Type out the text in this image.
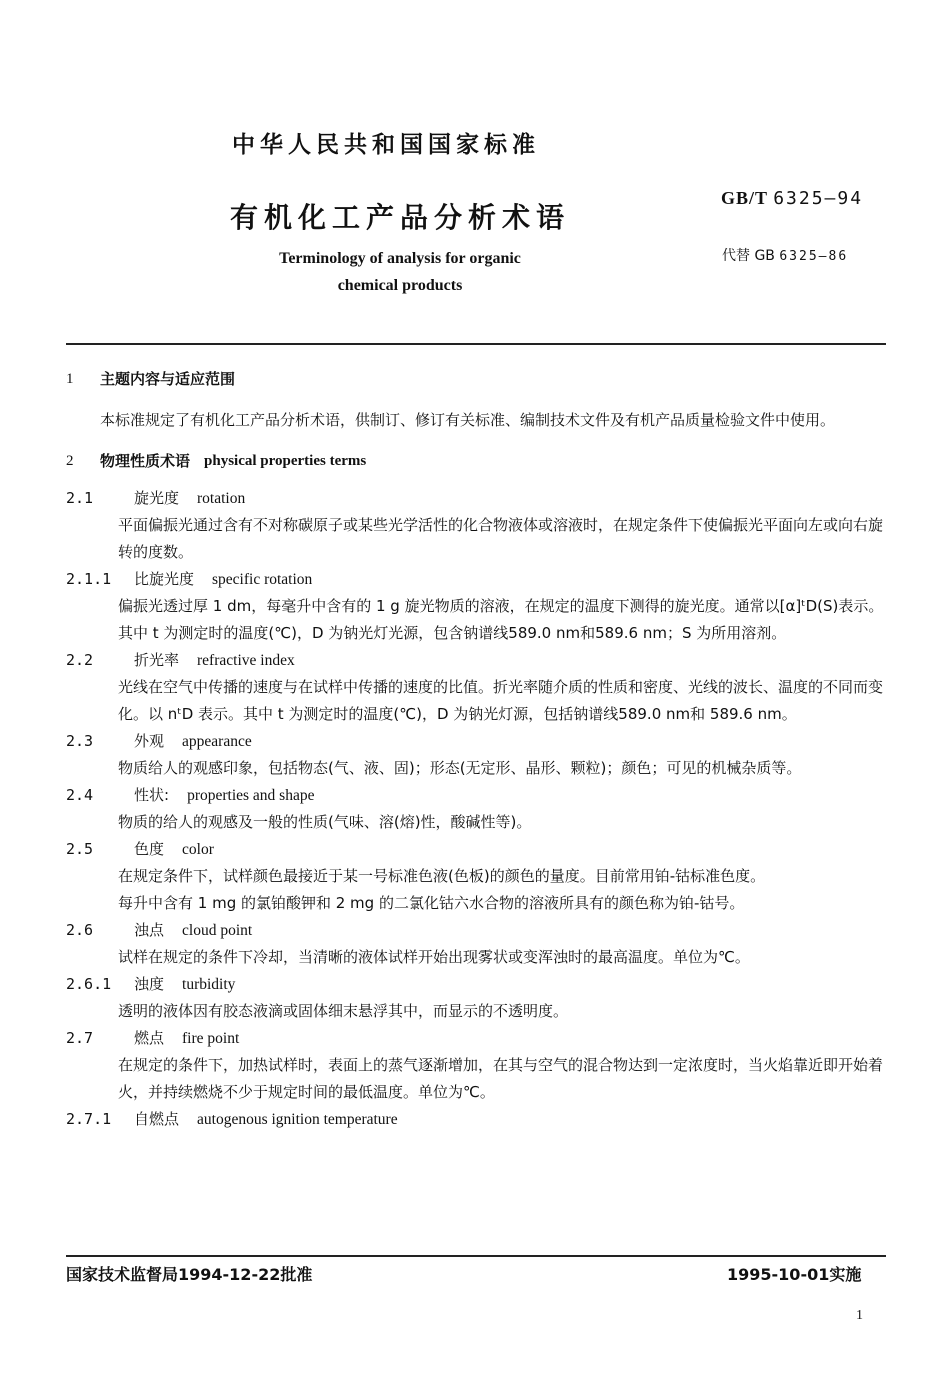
中华人民共和国国家标准
有机化工产品分析术语
Terminology of analysis for organic
chemical products
GB/T 6325—94
代替 GB 6325—86
1	主题内容与适应范围
本标准规定了有机化工产品分析术语，供制订、修订有关标准、编制技术文件及有机产品质量检验文件中使用。
2	物理性质术语 physical properties terms
2.1	旋光度 rotation
平面偏振光通过含有不对称碳原子或某些光学活性的化合物液体或溶液时，在规定条件下使偏振光平面向左或向右旋转的度数。
2.1.1	比旋光度 specific rotation
偏振光透过厚 1 dm，每毫升中含有的 1 g 旋光物质的溶液，在规定的温度下测得的旋光度。通常以[α]ᵗD(S)表示。其中 t 为测定时的温度(℃)，D 为钠光灯光源，包含钠谱线589.0 nm和589.6 nm；S 为所用溶剂。
2.2	折光率 refractive index
光线在空气中传播的速度与在试样中传播的速度的比值。折光率随介质的性质和密度、光线的波长、温度的不同而变化。以 nᵗD 表示。其中 t 为测定时的温度(℃)，D 为钠光灯源，包括钠谱线589.0 nm和 589.6 nm。
2.3	外观 appearance
物质给人的观感印象，包括物态(气、液、固)；形态(无定形、晶形、颗粒)；颜色；可见的机械杂质等。
2.4	性状: properties and shape
物质的给人的观感及一般的性质(气味、溶(熔)性，酸碱性等)。
2.5	色度 color
在规定条件下，试样颜色最接近于某一号标准色液(色板)的颜色的量度。目前常用铂-钴标准色度。
每升中含有 1 mg 的氯铂酸钾和 2 mg 的二氯化钴六水合物的溶液所具有的颜色称为铂-钴号。
2.6	浊点 cloud point
试样在规定的条件下冷却，当清晰的液体试样开始出现雾状或变浑浊时的最高温度。单位为℃。
2.6.1	浊度 turbidity
透明的液体因有胶态液滴或固体细末悬浮其中，而显示的不透明度。
2.7	燃点 fire point
在规定的条件下，加热试样时，表面上的蒸气逐渐增加，在其与空气的混合物达到一定浓度时，当火焰靠近即开始着火，并持续燃烧不少于规定时间的最低温度。单位为℃。
2.7.1	自燃点 autogenous ignition temperature
国家技术监督局1994-12-22批准	1995-10-01实施
1
